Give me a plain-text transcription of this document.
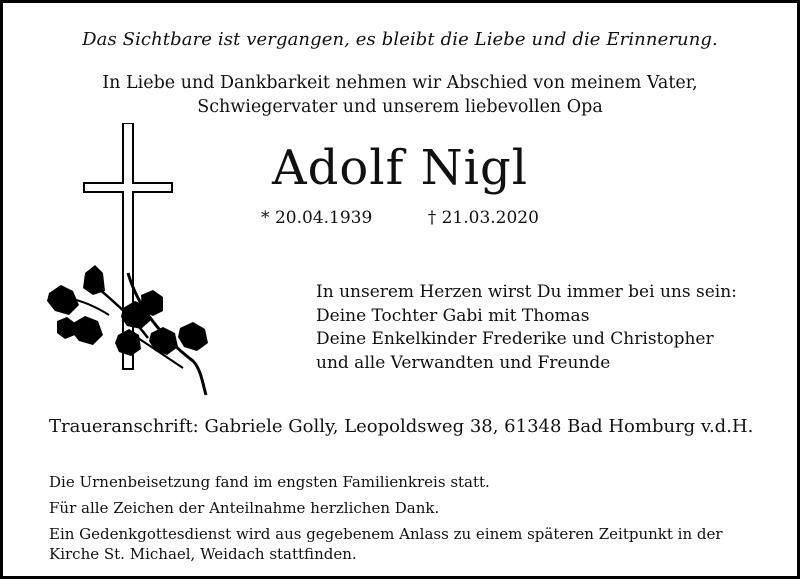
Das Sichtbare ist vergangen, es bleibt die Liebe und die Erinnerung.
In Liebe und Dankbarkeit nehmen wir Abschied von meinem Vater,
Schwiegervater und unserem liebevollen Opa
Adolf Nigl
* 20.04.1939	† 21.03.2020
In unserem Herzen wirst Du immer bei uns sein:
Deine Tochter Gabi mit Thomas
Deine Enkelkinder Frederike und Christopher
und alle Verwandten und Freunde
Traueranschrift: Gabriele Golly, Leopoldsweg 38, 61348 Bad Homburg v.d.H.

Die Urnenbeisetzung fand im engsten Familienkreis statt.

Für alle Zeichen der Anteilnahme herzlichen Dank.

Ein Gedenkgottesdienst wird aus gegebenem Anlass zu einem späteren Zeitpunkt in der Kirche St. Michael, Weidach stattfinden.
